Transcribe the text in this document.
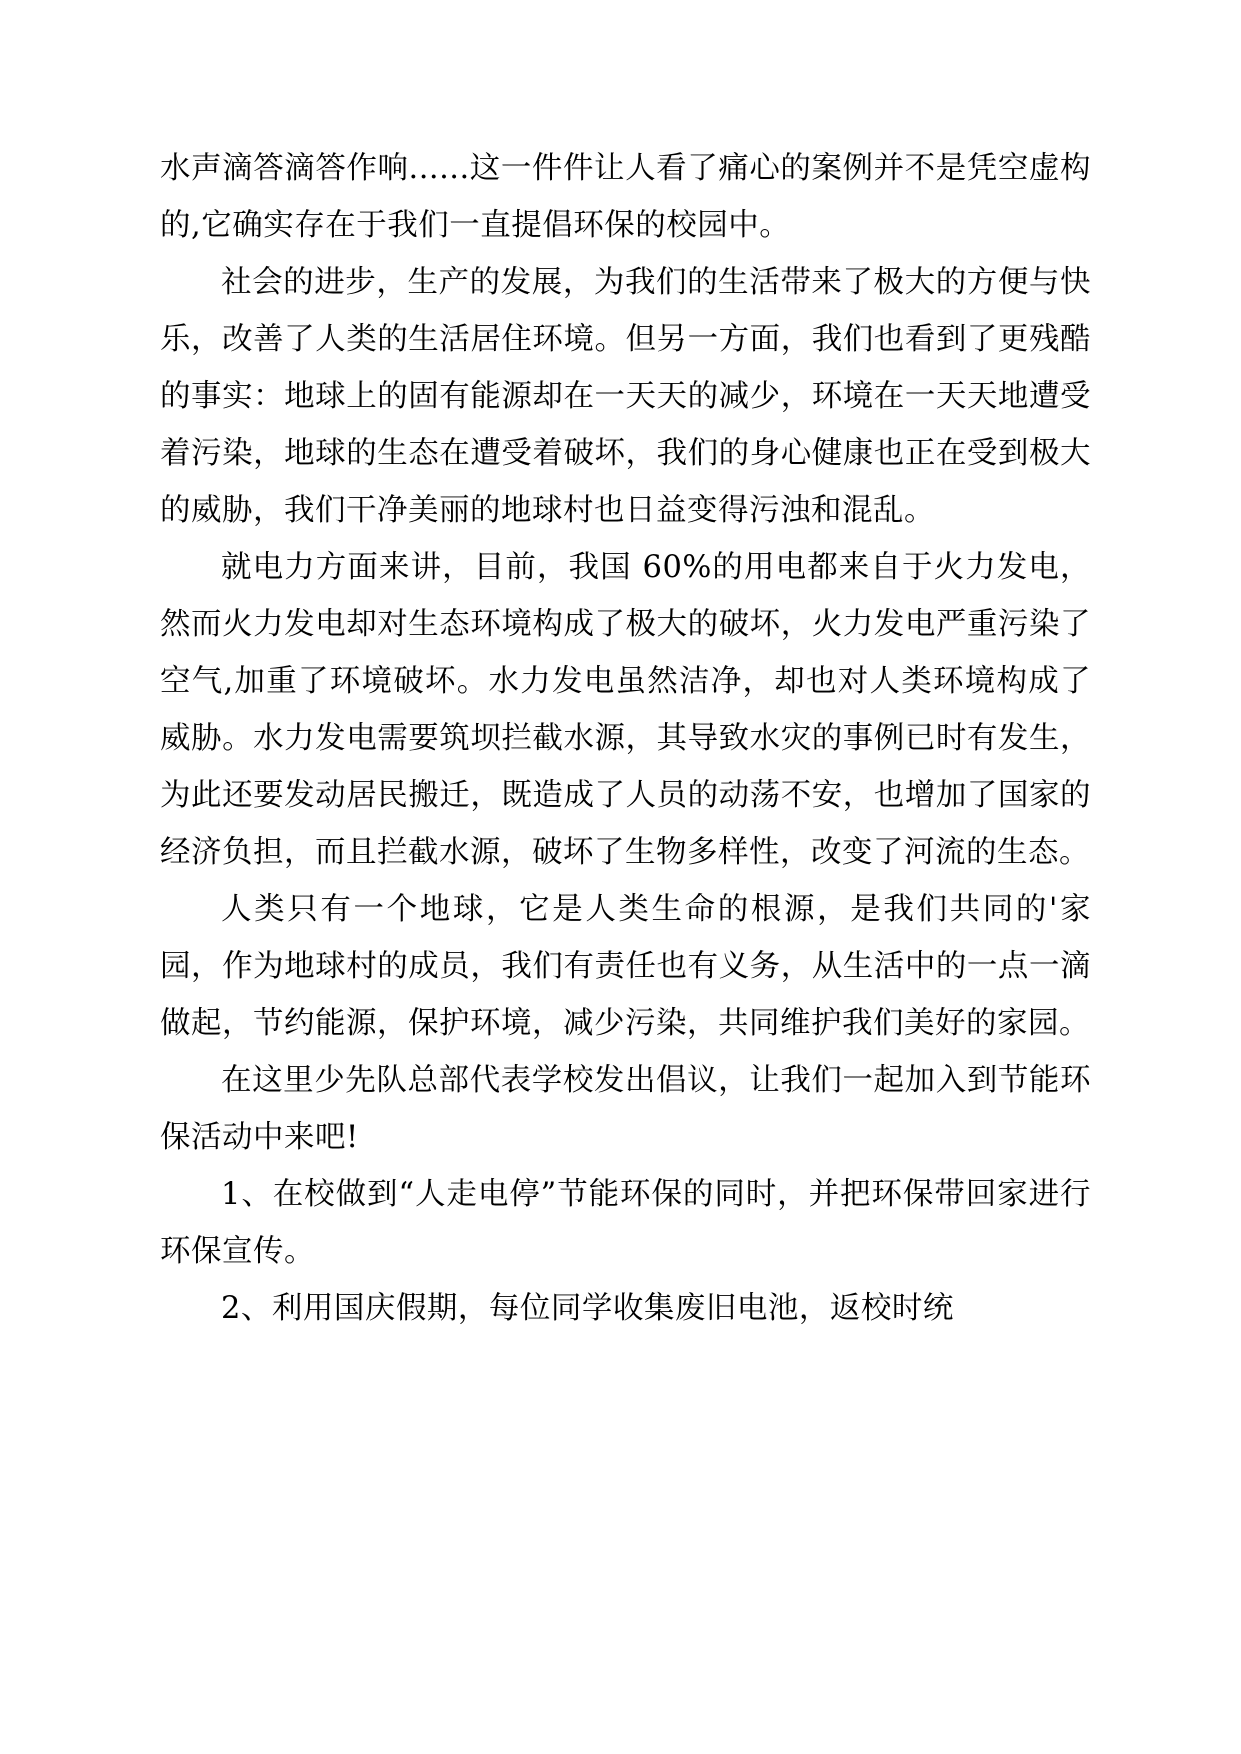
水声滴答滴答作响......这一件件让人看了痛心的案例并不是凭空虚构的,它确实存在于我们一直提倡环保的校园中。

社会的进步，生产的发展，为我们的生活带来了极大的方便与快乐，改善了人类的生活居住环境。但另一方面，我们也看到了更残酷的事实：地球上的固有能源却在一天天的减少，环境在一天天地遭受着污染，地球的生态在遭受着破坏，我们的身心健康也正在受到极大的威胁，我们干净美丽的地球村也日益变得污浊和混乱。

就电力方面来讲，目前，我国 60%的用电都来自于火力发电，然而火力发电却对生态环境构成了极大的破坏，火力发电严重污染了空气,加重了环境破坏。水力发电虽然洁净，却也对人类环境构成了威胁。水力发电需要筑坝拦截水源，其导致水灾的事例已时有发生，为此还要发动居民搬迁，既造成了人员的动荡不安，也增加了国家的经济负担，而且拦截水源，破坏了生物多样性，改变了河流的生态。

人类只有一个地球，它是人类生命的根源，是我们共同的'家园，作为地球村的成员，我们有责任也有义务，从生活中的一点一滴做起，节约能源，保护环境，减少污染，共同维护我们美好的家园。

在这里少先队总部代表学校发出倡议，让我们一起加入到节能环保活动中来吧!

1、在校做到“人走电停”节能环保的同时，并把环保带回家进行环保宣传。

2、利用国庆假期，每位同学收集废旧电池，返校时统
